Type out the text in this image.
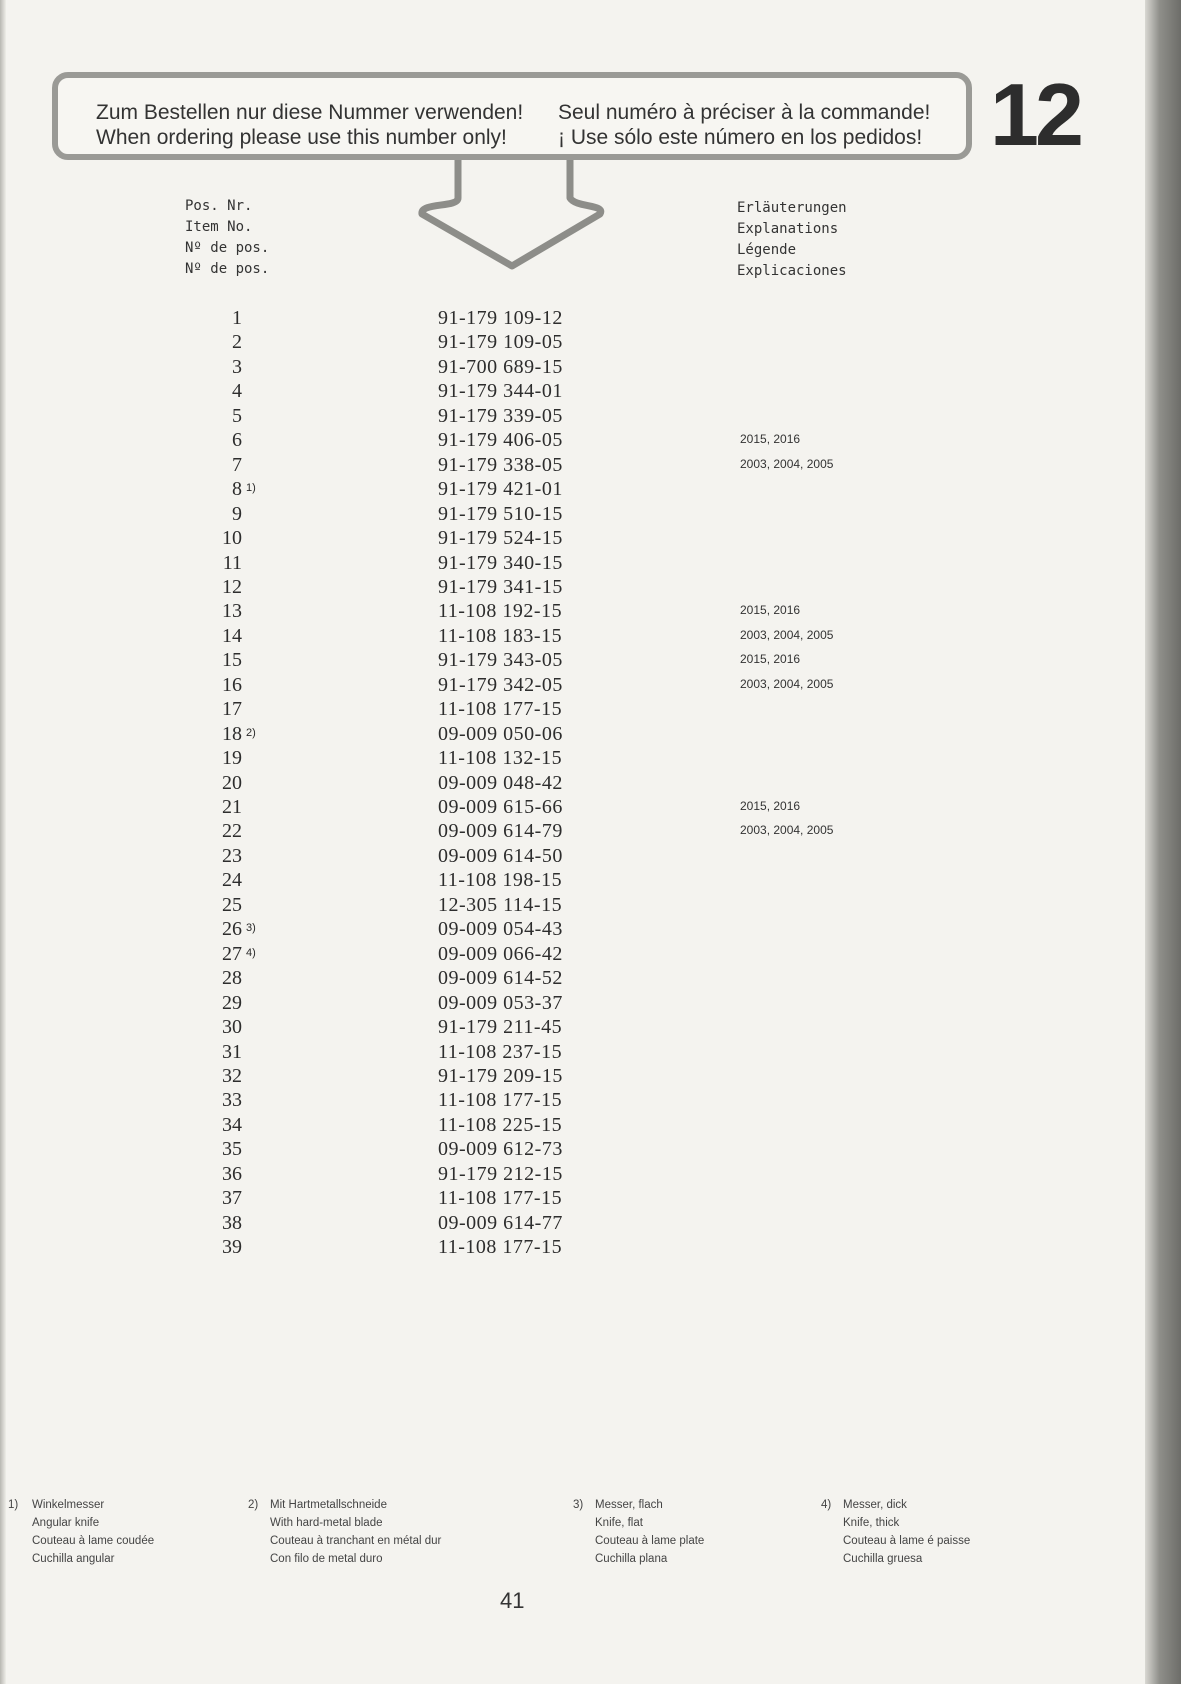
Zum Bestellen nur diese Nummer verwenden!
When ordering please use this number only!
Seul numéro à préciser à la commande!
¡ Use sólo este número en los pedidos! 12
Pos. Nr.
Item No.
Nº de pos.
Nº de pos.
Erläuterungen
Explanations
Légende
Explicaciones
1	91-179 109-12
2	91-179 109-05
3	91-700 689-15
4	91-179 344-01
5	91-179 339-05
6	91-179 406-05	2015, 2016
7	91-179 338-05	2003, 2004, 2005
8 1)	91-179 421-01
9	91-179 510-15
10	91-179 524-15
11	91-179 340-15
12	91-179 341-15
13	11-108 192-15	2015, 2016
14	11-108 183-15	2003, 2004, 2005
15	91-179 343-05	2015, 2016
16	91-179 342-05	2003, 2004, 2005
17	11-108 177-15
18 2)	09-009 050-06
19	11-108 132-15
20	09-009 048-42
21	09-009 615-66	2015, 2016
22	09-009 614-79	2003, 2004, 2005
23	09-009 614-50
24	11-108 198-15
25	12-305 114-15
26 3)	09-009 054-43
27 4)	09-009 066-42
28	09-009 614-52
29	09-009 053-37
30	91-179 211-45
31	11-108 237-15
32	91-179 209-15
33	11-108 177-15
34	11-108 225-15
35	09-009 612-73
36	91-179 212-15
37	11-108 177-15
38	09-009 614-77
39	11-108 177-15
1) Winkelmesser
Angular knife
Couteau à lame coudée
Cuchilla angular
2) Mit Hartmetallschneide
With hard-metal blade
Couteau à tranchant en métal dur
Con filo de metal duro
3) Messer, flach
Knife, flat
Couteau à lame plate
Cuchilla plana
4) Messer, dick
Knife, thick
Couteau à lame é paisse
Cuchilla gruesa
41
